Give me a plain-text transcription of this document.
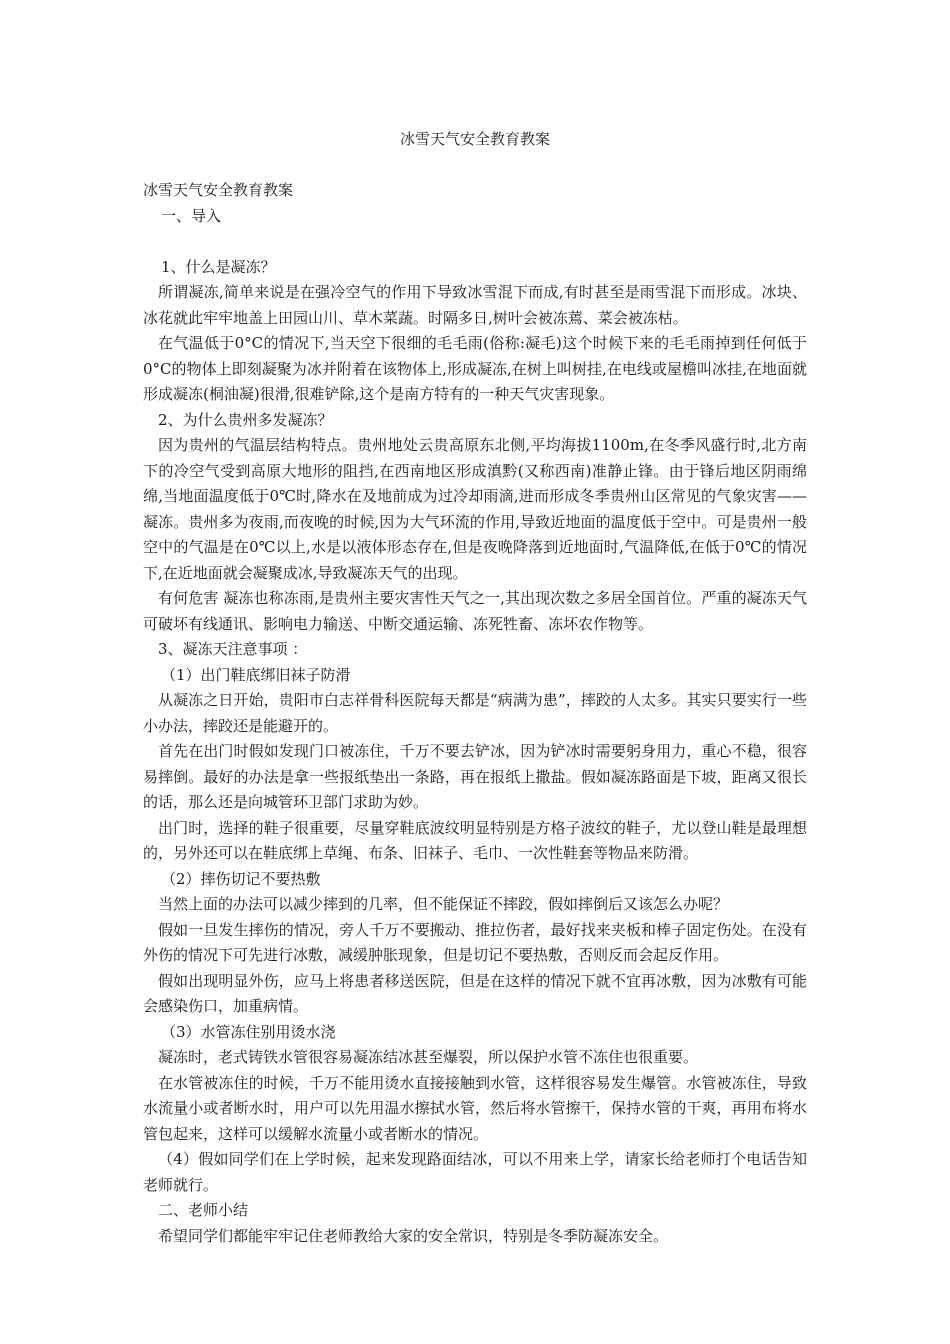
冰雪天气安全教育教案

冰雪天气安全教育教案

一、导入

1、什么是凝冻？

所谓凝冻,简单来说是在强冷空气的作用下导致冰雪混下而成,有时甚至是雨雪混下而形成。冰块、冰花就此牢牢地盖上田园山川、草木菜蔬。时隔多日,树叶会被冻蔫、菜会被冻枯。

在气温低于0°C的情况下,当天空下很细的毛毛雨(俗称:凝毛)这个时候下来的毛毛雨掉到任何低于0°C的物体上即刻凝聚为冰并附着在该物体上,形成凝冻,在树上叫树挂,在电线或屋檐叫冰挂,在地面就形成凝冻(桐油凝)很滑,很难铲除,这个是南方特有的一种天气灾害现象。

2、为什么贵州多发凝冻？

因为贵州的气温层结构特点。贵州地处云贵高原东北侧,平均海拔1100m,在冬季风盛行时,北方南下的冷空气受到高原大地形的阻挡,在西南地区形成滇黔(又称西南)准静止锋。由于锋后地区阴雨绵绵,当地面温度低于0℃时,降水在及地前成为过冷却雨滴,进而形成冬季贵州山区常见的气象灾害——凝冻。贵州多为夜雨,而夜晚的时候,因为大气环流的作用,导致近地面的温度低于空中。可是贵州一般空中的气温是在0℃以上,水是以液体形态存在,但是夜晚降落到近地面时,气温降低,在低于0℃的情况下,在近地面就会凝聚成冰,导致凝冻天气的出现。

有何危害 凝冻也称冻雨,是贵州主要灾害性天气之一,其出现次数之多居全国首位。严重的凝冻天气可破坏有线通讯、影响电力输送、中断交通运输、冻死牲畜、冻坏农作物等。

3、凝冻天注意事项 ：

（1）出门鞋底绑旧袜子防滑

从凝冻之日开始，贵阳市白志祥骨科医院每天都是“病满为患”，摔跤的人太多。其实只要实行一些小办法，摔跤还是能避开的。

首先在出门时假如发现门口被冻住，千万不要去铲冰，因为铲冰时需要躬身用力，重心不稳，很容易摔倒。最好的办法是拿一些报纸垫出一条路，再在报纸上撒盐。假如凝冻路面是下坡，距离又很长的话，那么还是向城管环卫部门求助为妙。

出门时，选择的鞋子很重要，尽量穿鞋底波纹明显特别是方格子波纹的鞋子，尤以登山鞋是最理想的，另外还可以在鞋底绑上草绳、布条、旧袜子、毛巾、一次性鞋套等物品来防滑。

（2）摔伤切记不要热敷

当然上面的办法可以减少摔到的几率，但不能保证不摔跤，假如摔倒后又该怎么办呢？

假如一旦发生摔伤的情况，旁人千万不要搬动、推拉伤者，最好找来夹板和棒子固定伤处。在没有外伤的情况下可先进行冰敷，减缓肿胀现象，但是切记不要热敷，否则反而会起反作用。

假如出现明显外伤，应马上将患者移送医院，但是在这样的情况下就不宜再冰敷，因为冰敷有可能会感染伤口，加重病情。

（3）水管冻住别用烫水浇

凝冻时，老式铸铁水管很容易凝冻结冰甚至爆裂，所以保护水管不冻住也很重要。

在水管被冻住的时候，千万不能用烫水直接接触到水管，这样很容易发生爆管。水管被冻住，导致水流量小或者断水时，用户可以先用温水擦拭水管，然后将水管擦干，保持水管的干爽，再用布将水管包起来，这样可以缓解水流量小或者断水的情况。

（4）假如同学们在上学时候，起来发现路面结冰，可以不用来上学，请家长给老师打个电话告知老师就行。

二、老师小结

希望同学们都能牢牢记住老师教给大家的安全常识，特别是冬季防凝冻安全。
